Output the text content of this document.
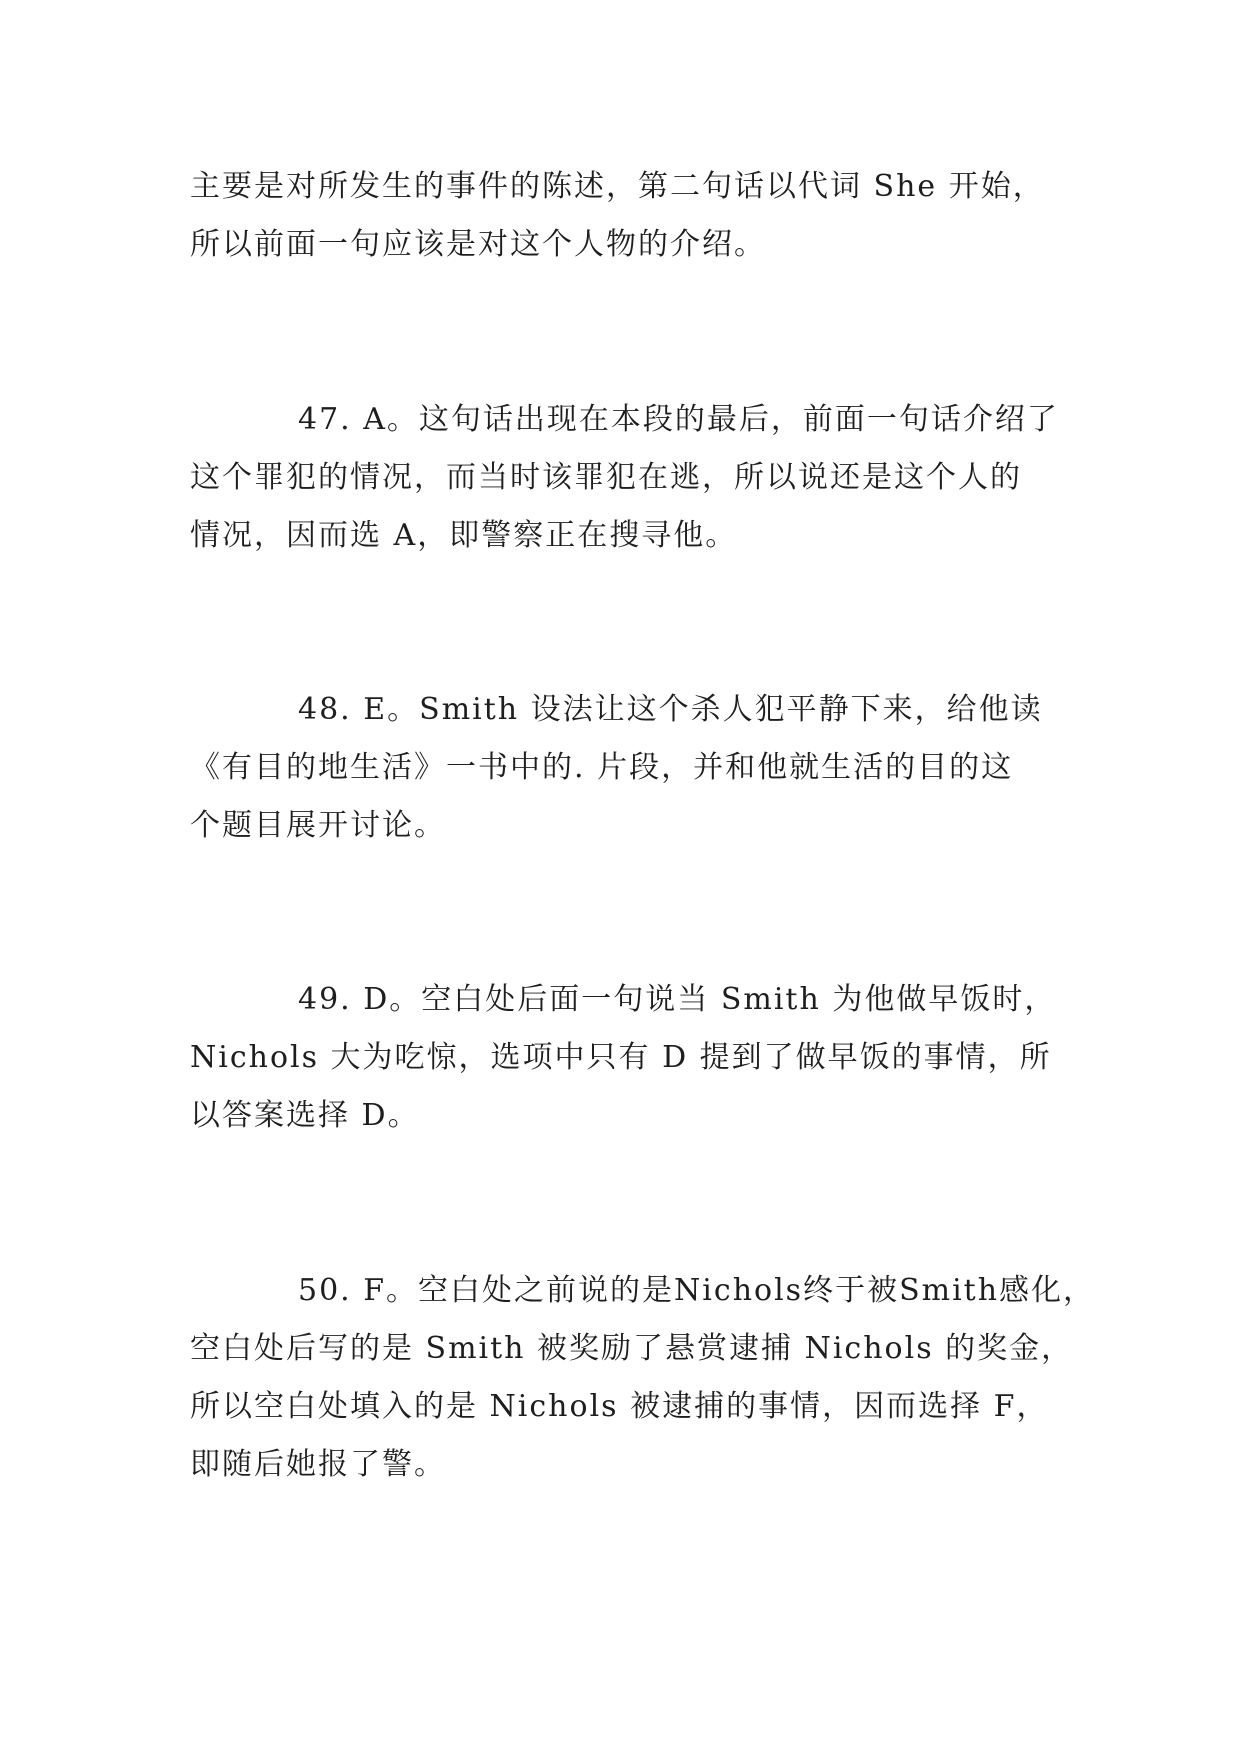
主要是对所发生的事件的陈述，第二句话以代词 She 开始，
所以前面一句应该是对这个人物的介绍。

47. A。这句话出现在本段的最后，前面一句话介绍了
这个罪犯的情况，而当时该罪犯在逃，所以说还是这个人的
情况，因而选 A，即警察正在搜寻他。

48. E。Smith 设法让这个杀人犯平静下来，给他读
《有目的地生活》一书中的. 片段，并和他就生活的目的这
个题目展开讨论。

49. D。空白处后面一句说当 Smith 为他做早饭时，
Nichols 大为吃惊，选项中只有 D 提到了做早饭的事情，所
以答案选择 D。

50. F。空白处之前说的是Nichols终于被Smith感化，
空白处后写的是 Smith 被奖励了悬赏逮捕 Nichols 的奖金，
所以空白处填入的是 Nichols 被逮捕的事情，因而选择 F，
即随后她报了警。
